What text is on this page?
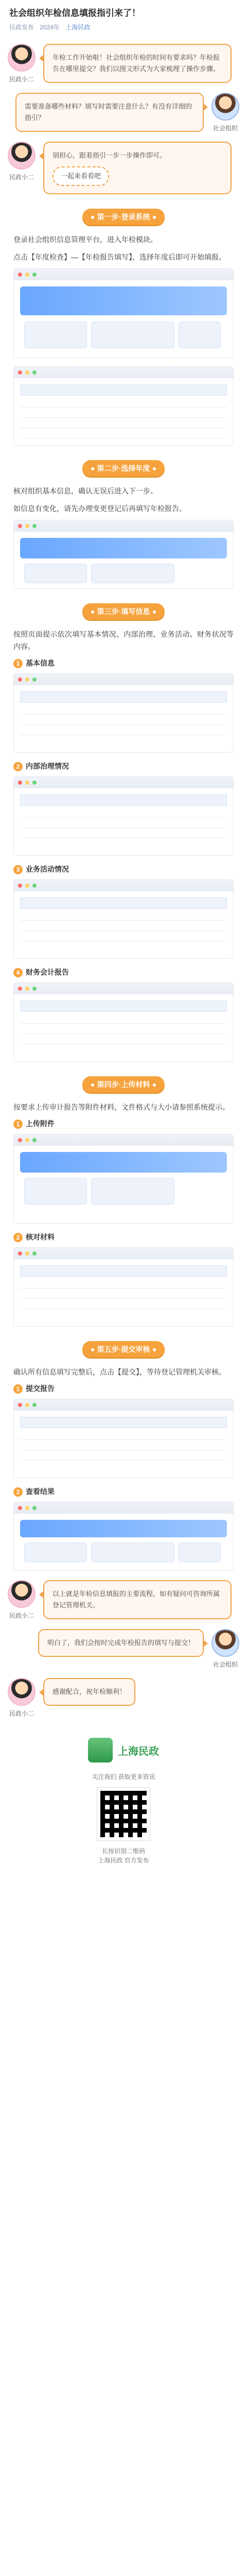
社会组织年检信息填报指引来了！
民政发布 2024年 上海民政
民政小二
年检工作开始啦！社会组织年检的时间有要求吗？年检报告在哪里提交？我们以图文形式为大家梳理了操作步骤。
需要准备哪些材料？填写时需要注意什么？有没有详细的指引？
社会组织
民政小二
别担心，跟着指引一步一步操作即可。 一起来看看吧
第一步·登录系统

登录社会组织信息管理平台，进入年检模块。

点击【年度检查】—【年检报告填写】，选择年度后即可开始填报。

第二步·选择年度

核对组织基本信息，确认无误后进入下一步。

如信息有变化，请先办理变更登记后再填写年检报告。

第三步·填写信息

按照页面提示依次填写基本情况、内部治理、业务活动、财务状况等内容。

1 基本信息
2 内部治理情况
3 业务活动情况
4 财务会计报告
第四步·上传材料

按要求上传审计报告等附件材料，文件格式与大小请参照系统提示。

1 上传附件
2 核对材料
第五步·提交审核

确认所有信息填写完整后，点击【提交】，等待登记管理机关审核。

1 提交报告
2 查看结果
民政小二
以上就是年检信息填报的主要流程，如有疑问可咨询所属登记管理机关。
明白了，我们会按时完成年检报告的填写与提交！
社会组织
民政小二
感谢配合，祝年检顺利！
上海民政
关注我们 获取更多资讯
长按识别二维码
上海民政 官方发布
